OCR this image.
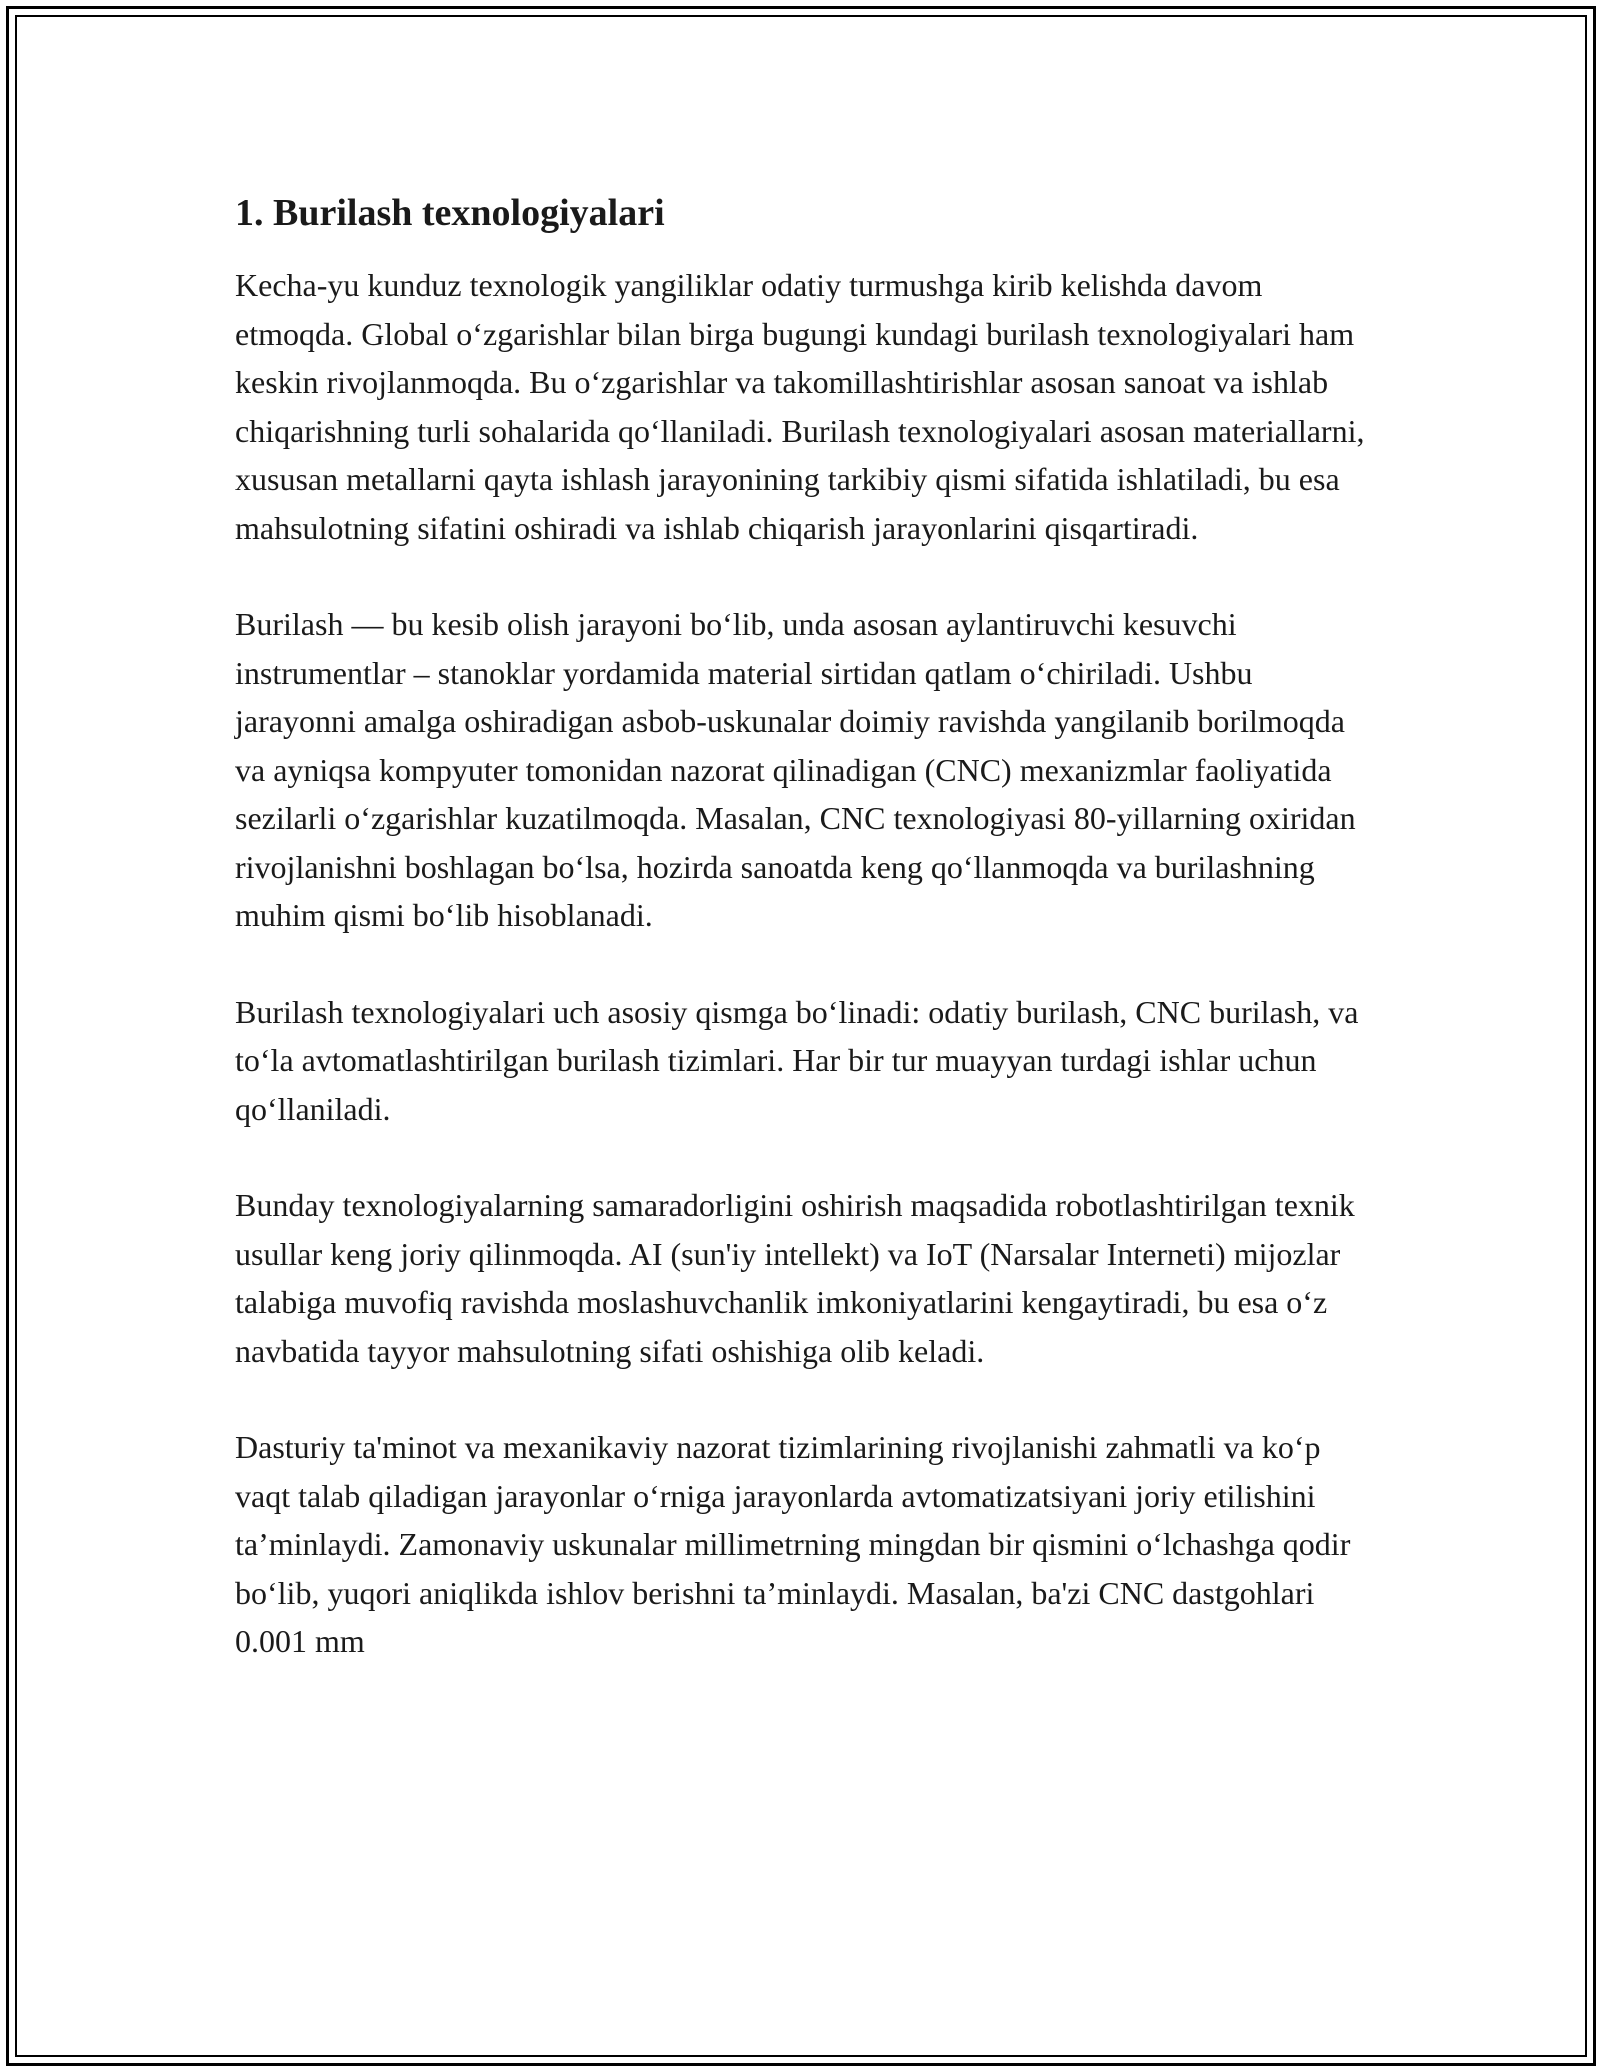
1. Burilash texnologiyalari

Kecha-yu kunduz texnologik yangiliklar odatiy turmushga kirib kelishda davom etmoqda. Global o‘zgarishlar bilan birga bugungi kundagi burilash texnologiyalari ham keskin rivojlanmoqda. Bu o‘zgarishlar va takomillashtirishlar asosan sanoat va ishlab chiqarishning turli sohalarida qo‘llaniladi. Burilash texnologiyalari asosan materiallarni, xususan metallarni qayta ishlash jarayonining tarkibiy qismi sifatida ishlatiladi, bu esa mahsulotning sifatini oshiradi va ishlab chiqarish jarayonlarini qisqartiradi.

Burilash — bu kesib olish jarayoni bo‘lib, unda asosan aylantiruvchi kesuvchi instrumentlar – stanoklar yordamida material sirtidan qatlam o‘chiriladi. Ushbu jarayonni amalga oshiradigan asbob-uskunalar doimiy ravishda yangilanib borilmoqda va ayniqsa kompyuter tomonidan nazorat qilinadigan (CNC) mexanizmlar faoliyatida sezilarli o‘zgarishlar kuzatilmoqda. Masalan, CNC texnologiyasi 80-yillarning oxiridan rivojlanishni boshlagan bo‘lsa, hozirda sanoatda keng qo‘llanmoqda va burilashning muhim qismi bo‘lib hisoblanadi.

Burilash texnologiyalari uch asosiy qismga bo‘linadi: odatiy burilash, CNC burilash, va to‘la avtomatlashtirilgan burilash tizimlari. Har bir tur muayyan turdagi ishlar uchun qo‘llaniladi.

Bunday texnologiyalarning samaradorligini oshirish maqsadida robotlashtirilgan texnik usullar keng joriy qilinmoqda. AI (sun'iy intellekt) va IoT (Narsalar Interneti) mijozlar talabiga muvofiq ravishda moslashuvchanlik imkoniyatlarini kengaytiradi, bu esa o‘z navbatida tayyor mahsulotning sifati oshishiga olib keladi.

Dasturiy ta'minot va mexanikaviy nazorat tizimlarining rivojlanishi zahmatli va ko‘p vaqt talab qiladigan jarayonlar o‘rniga jarayonlarda avtomatizatsiyani joriy etilishini ta’minlaydi. Zamonaviy uskunalar millimetrning mingdan bir qismini o‘lchashga qodir bo‘lib, yuqori aniqlikda ishlov berishni ta’minlaydi. Masalan, ba'zi CNC dastgohlari 0.001 mm
